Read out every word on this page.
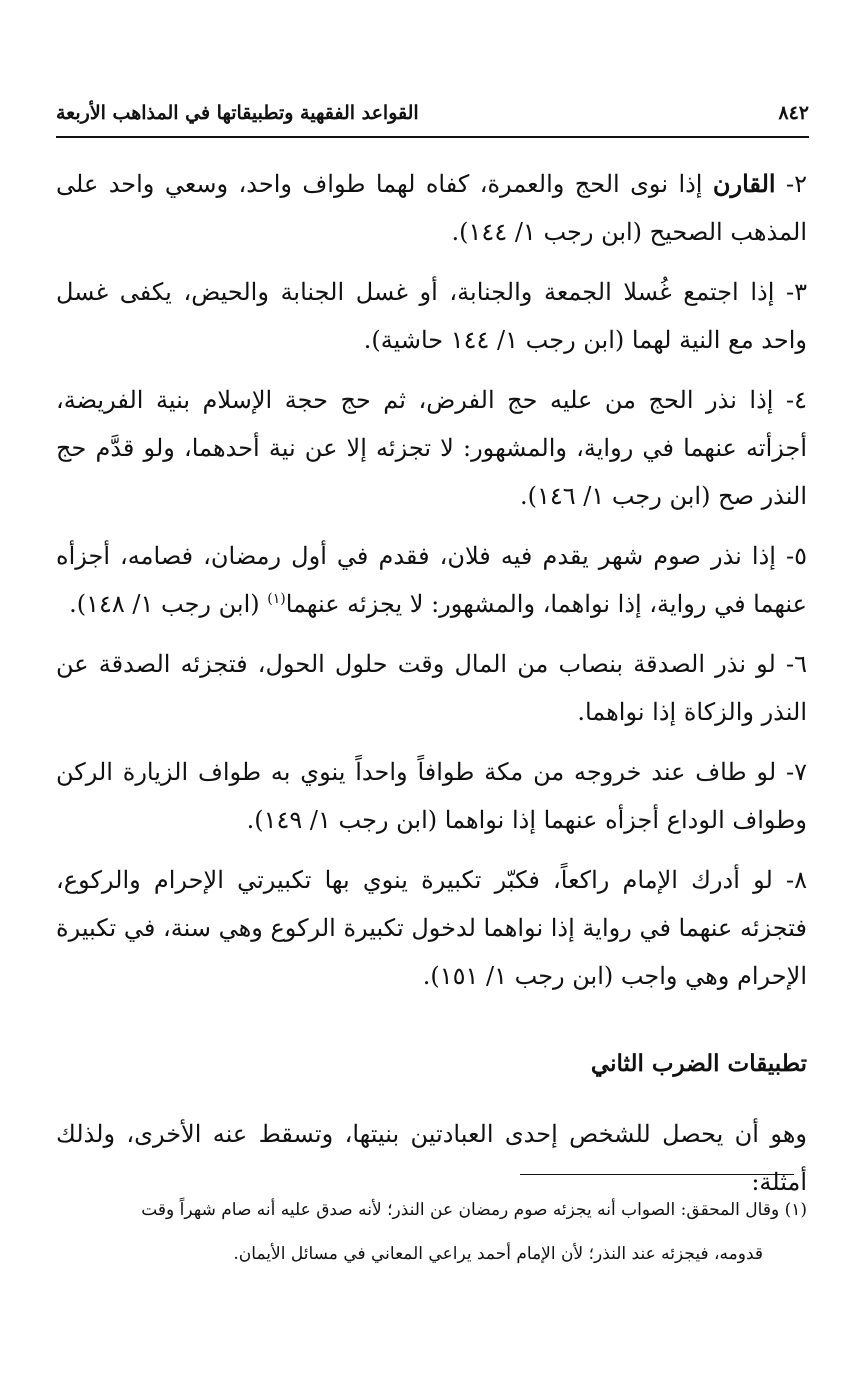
٨٤٢
القواعد الفقهية وتطبيقاتها في المذاهب الأربعة

٢- القارن إذا نوى الحج والعمرة، كفاه لهما طواف واحد، وسعي واحد على المذهب الصحيح (ابن رجب ١/ ١٤٤).

٣- إذا اجتمع غُسلا الجمعة والجنابة، أو غسل الجنابة والحيض، يكفى غسل واحد مع النية لهما (ابن رجب ١/ ١٤٤ حاشية).

٤- إذا نذر الحج من عليه حج الفرض، ثم حج حجة الإسلام بنية الفريضة، أجزأته عنهما في رواية، والمشهور: لا تجزئه إلا عن نية أحدهما، ولو قدَّم حج النذر صح (ابن رجب ١/ ١٤٦).

٥- إذا نذر صوم شهر يقدم فيه فلان، فقدم في أول رمضان، فصامه، أجزأه عنهما في رواية، إذا نواهما، والمشهور: لا يجزئه عنهما$^{(١)}$ (ابن رجب ١/ ١٤٨).

٦- لو نذر الصدقة بنصاب من المال وقت حلول الحول، فتجزئه الصدقة عن النذر والزكاة إذا نواهما.

٧- لو طاف عند خروجه من مكة طوافاً واحداً ينوي به طواف الزيارة الركن وطواف الوداع أجزأه عنهما إذا نواهما (ابن رجب ١/ ١٤٩).

٨- لو أدرك الإمام راكعاً، فكبّر تكبيرة ينوي بها تكبيرتي الإحرام والركوع، فتجزئه عنهما في رواية إذا نواهما لدخول تكبيرة الركوع وهي سنة، في تكبيرة الإحرام وهي واجب (ابن رجب ١/ ١٥١).

تطبيقات الضرب الثاني

وهو أن يحصل للشخص إحدى العبادتين بنيتها، وتسقط عنه الأخرى، ولذلك أمثلة:

(١) وقال المحقق: الصواب أنه يجزئه صوم رمضان عن النذر؛ لأنه صدق عليه أنه صام شهراً وقت
قدومه، فيجزئه عند النذر؛ لأن الإمام أحمد يراعي المعاني في مسائل الأيمان.
